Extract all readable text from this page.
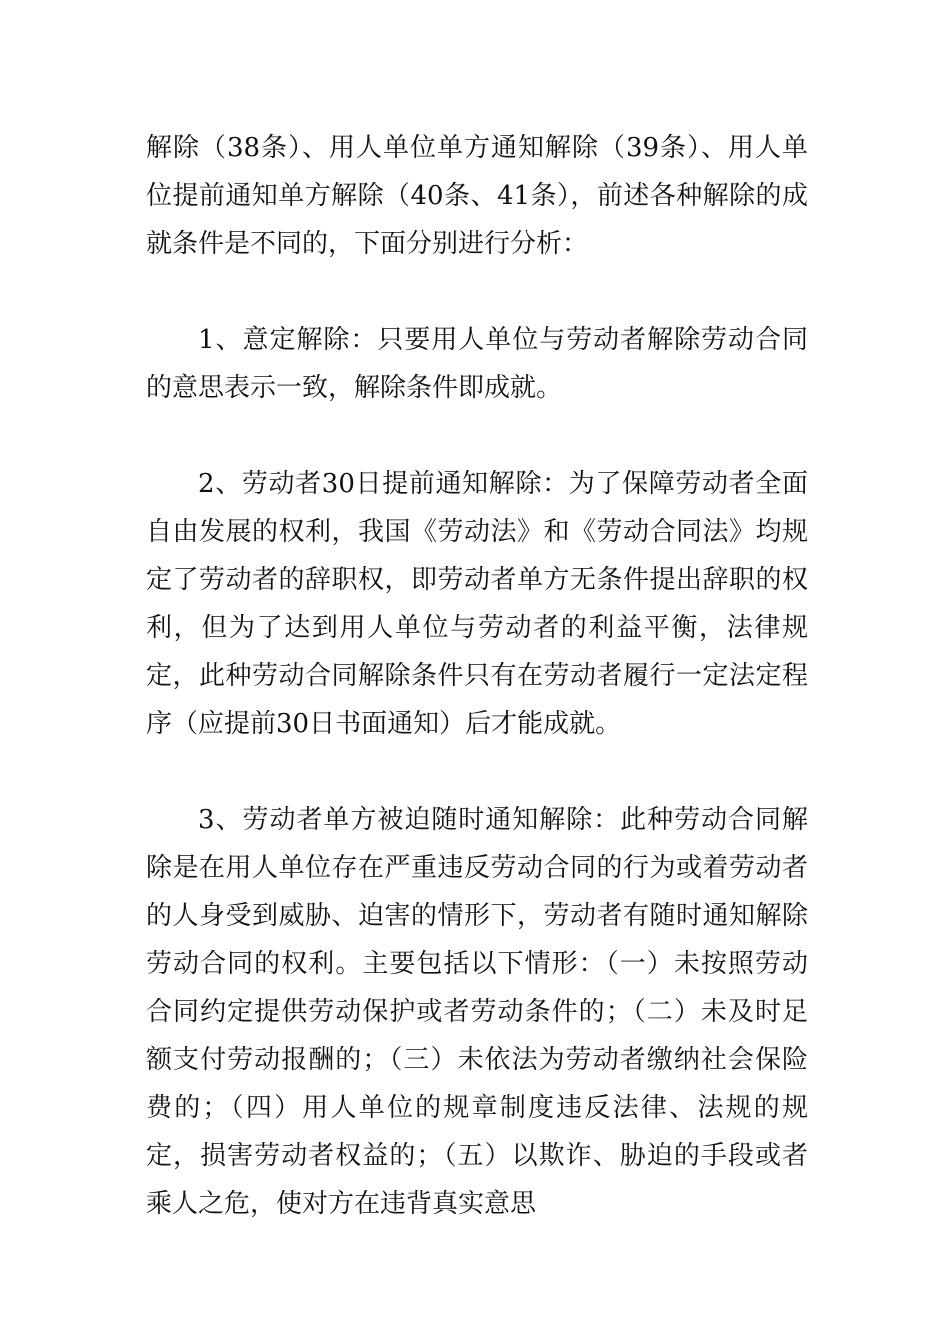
解除（38条）、用人单位单方通知解除（39条）、用人单位提前通知单方解除（40条、41条），前述各种解除的成就条件是不同的，下面分别进行分析：

1、意定解除：只要用人单位与劳动者解除劳动合同的意思表示一致，解除条件即成就。

2、劳动者30日提前通知解除：为了保障劳动者全面自由发展的权利，我国《劳动法》和《劳动合同法》均规定了劳动者的辞职权，即劳动者单方无条件提出辞职的权利，但为了达到用人单位与劳动者的利益平衡，法律规定，此种劳动合同解除条件只有在劳动者履行一定法定程序（应提前30日书面通知）后才能成就。

3、劳动者单方被迫随时通知解除：此种劳动合同解除是在用人单位存在严重违反劳动合同的行为或着劳动者的人身受到威胁、迫害的情形下，劳动者有随时通知解除劳动合同的权利。主要包括以下情形：（一）未按照劳动合同约定提供劳动保护或者劳动条件的；（二）未及时足额支付劳动报酬的；（三）未依法为劳动者缴纳社会保险费的；（四）用人单位的规章制度违反法律、法规的规定，损害劳动者权益的；（五）以欺诈、胁迫的手段或者乘人之危，使对方在违背真实意思
